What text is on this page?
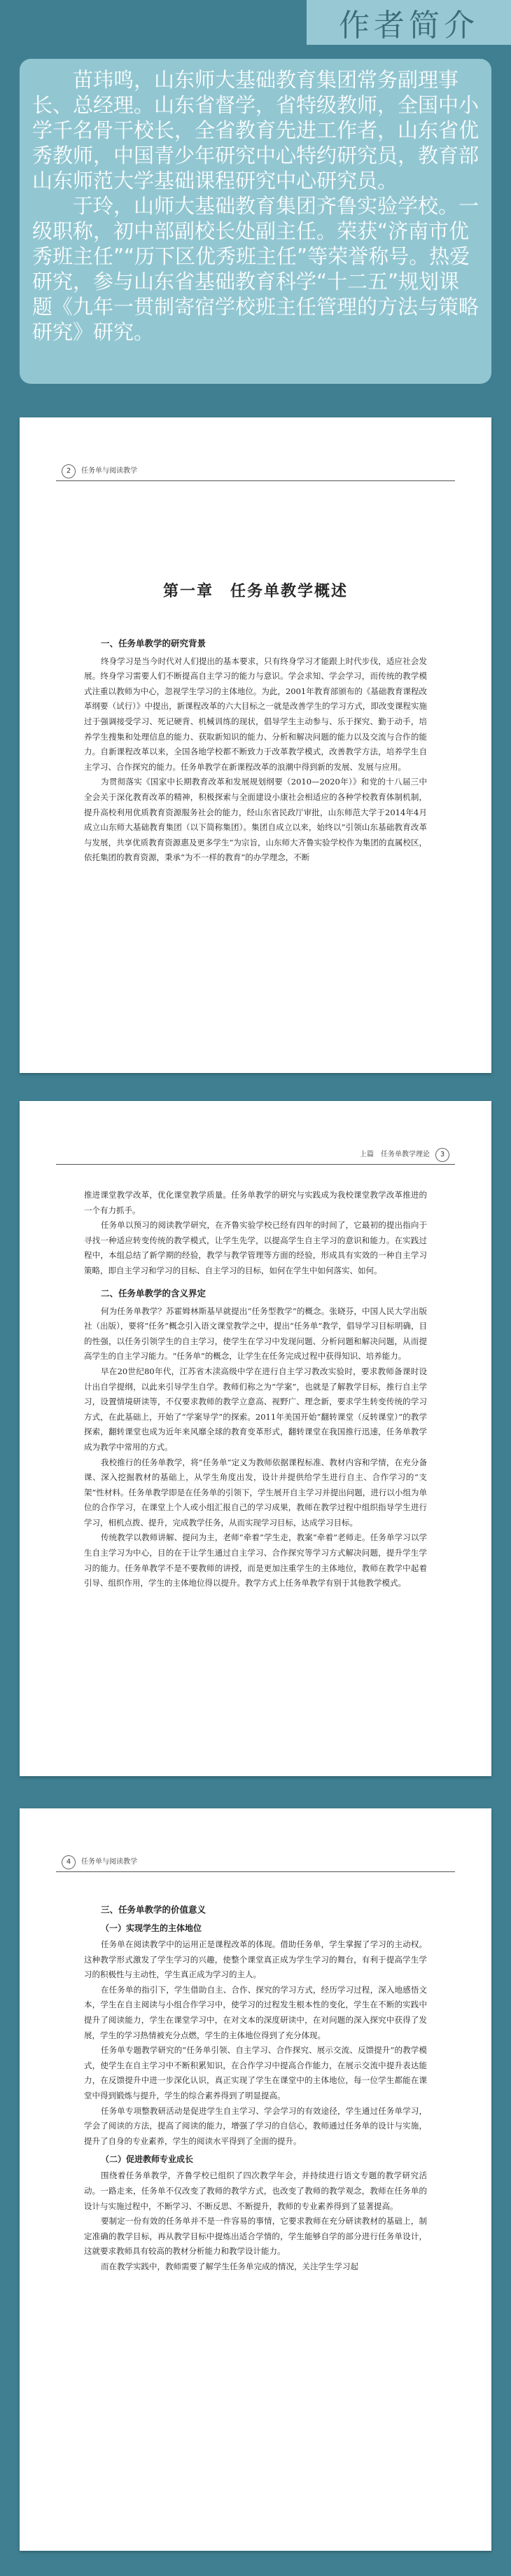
作者简介

苗玮鸣，山东师大基础教育集团常务副理事长、总经理。山东省督学，省特级教师，全国中小学千名骨干校长，全省教育先进工作者，山东省优秀教师，中国青少年研究中心特约研究员，教育部山东师范大学基础课程研究中心研究员。

于玲，山师大基础教育集团齐鲁实验学校。一级职称，初中部副校长处副主任。荣获“济南市优秀班主任”“历下区优秀班主任”等荣誉称号。热爱研究，参与山东省基础教育科学“十二五”规划课题《九年一贯制寄宿学校班主任管理的方法与策略研究》研究。

2	任务单与阅读教学
第一章　任务单教学概述
一、任务单教学的研究背景

终身学习是当今时代对人们提出的基本要求，只有终身学习才能跟上时代步伐，适应社会发展。终身学习需要人们不断提高自主学习的能力与意识。学会求知、学会学习，而传统的教学模式注重以教师为中心，忽视学生学习的主体地位。为此，2001年教育部颁布的《基础教育课程改革纲要（试行）》中提出，新课程改革的六大目标之一就是改善学生的学习方式，即改变课程实施过于强调接受学习、死记硬背、机械训练的现状，倡导学生主动参与、乐于探究、勤于动手，培养学生搜集和处理信息的能力、获取新知识的能力、分析和解决问题的能力以及交流与合作的能力。自新课程改革以来，全国各地学校都不断致力于改革教学模式，改善教学方法，培养学生自主学习、合作探究的能力。任务单教学在新课程改革的浪潮中得到新的发展、发展与应用。

为贯彻落实《国家中长期教育改革和发展规划纲要（2010—2020年）》和党的十八届三中全会关于深化教育改革的精神，积极探索与全面建设小康社会相适应的各种学校教育体制机制，提升高校利用优质教育资源服务社会的能力，经山东省民政厅审批，山东师范大学于2014年4月成立山东师大基础教育集团（以下简称集团）。集团自成立以来，始终以“引领山东基础教育改革与发展，共享优质教育资源惠及更多学生”为宗旨，山东师大齐鲁实验学校作为集团的直属校区，依托集团的教育资源，秉承“为不一样的教育”的办学理念，不断

上篇　任务单教学理论	3

推进课堂教学改革，优化课堂教学质量。任务单教学的研究与实践成为我校课堂教学改革推进的一个有力抓手。

任务单以预习的阅读教学研究，在齐鲁实验学校已经有四年的时间了，它最初的提出指向于寻找一种适应转变传统的教学模式，让学生先学，以提高学生自主学习的意识和能力。在实践过程中，本组总结了新学期的经验，教学与教学管理等方面的经验，形成具有实效的一种自主学习策略，即自主学习和学习的目标、自主学习的目标，如何在学生中如何落实、如何。

二、任务单教学的含义界定

何为任务单教学？苏霍姆林斯基早就提出“任务型教学”的概念。张晓芬，中国人民大学出版社（出版），要将“任务”概念引入语文课堂教学之中，提出“任务单”教学，倡导学习目标明确，目的性强，以任务引领学生的自主学习，使学生在学习中发现问题、分析问题和解决问题，从而提高学生的自主学习能力。“任务单”的概念，让学生在任务完成过程中获得知识、培养能力。

早在20世纪80年代，江苏省木渎高级中学在进行自主学习教改实验时，要求教师备课时设计出自学提纲，以此来引导学生自学。教师们称之为“学案”，也就是了解教学目标，推行自主学习，设置情境研读等，不仅要求教师的教学立意高、视野广、理念新，要求学生转变传统的学习方式，在此基础上，开始了“学案导学”的探索。2011年美国开始“翻转课堂（反转课堂）”的教学探索，翻转课堂也成为近年来风靡全球的教育变革形式，翻转课堂在我国推行迅速，任务单教学成为教学中常用的方式。

我校推行的任务单教学，将“任务单”定义为教师依据课程标准、教材内容和学情，在充分备课、深入挖掘教材的基础上，从学生角度出发，设计并提供给学生进行自主、合作学习的“支架”性材料。任务单教学即是在任务单的引领下，学生展开自主学习并提出问题，进行以小组为单位的合作学习，在课堂上个人或小组汇报自己的学习成果，教师在教学过程中组织指导学生进行学习，相机点拨、提升，完成教学任务，从而实现学习目标，达成学习目标。

传统教学以教师讲解、提问为主，老师“牵着”学生走，教案“牵着”老师走。任务单学习以学生自主学习为中心，目的在于让学生通过自主学习、合作探究等学习方式解决问题，提升学生学习的能力。任务单教学不是不要教师的讲授，而是更加注重学生的主体地位，教师在教学中起着引导、组织作用，学生的主体地位得以提升。教学方式上任务单教学有别于其他教学模式。

4	任务单与阅读教学
三、任务单教学的价值意义
（一）实现学生的主体地位

任务单在阅读教学中的运用正是课程改革的体现。借助任务单，学生掌握了学习的主动权。这种教学形式激发了学生学习的兴趣，使整个课堂真正成为学生学习的舞台，有利于提高学生学习的积极性与主动性，学生真正成为学习的主人。

在任务单的指引下，学生借助自主、合作、探究的学习方式，经历学习过程，深入地感悟文本，学生在自主阅读与小组合作学习中，使学习的过程发生根本性的变化，学生在不断的实践中提升了阅读能力，学生在课堂学习中，在对文本的深度研读中，在对问题的深入探究中获得了发展，学生的学习热情被充分点燃，学生的主体地位得到了充分体现。

任务单专题教学研究的“任务单引领、自主学习、合作探究、展示交流、反馈提升”的教学模式，使学生在自主学习中不断积累知识，在合作学习中提高合作能力，在展示交流中提升表达能力，在反馈提升中进一步深化认识，真正实现了学生在课堂中的主体地位，每一位学生都能在课堂中得到锻炼与提升，学生的综合素养得到了明显提高。

任务单专项整教研活动是促进学生自主学习、学会学习的有效途径，学生通过任务单学习，学会了阅读的方法，提高了阅读的能力，增强了学习的自信心，教师通过任务单的设计与实施，提升了自身的专业素养，学生的阅读水平得到了全面的提升。

（二）促进教师专业成长

围绕着任务单教学，齐鲁学校已组织了四次教学年会，并持续进行语文专题的教学研究活动。一路走来，任务单不仅改变了教师的教学方式，也改变了教师的教学观念，教师在任务单的设计与实施过程中，不断学习、不断反思、不断提升，教师的专业素养得到了显著提高。

要制定一份有效的任务单并不是一件容易的事情，它要求教师在充分研读教材的基础上，制定准确的教学目标，再从教学目标中提炼出适合学情的，学生能够自学的部分进行任务单设计，这就要求教师具有较高的教材分析能力和教学设计能力。

而在教学实践中，教师需要了解学生任务单完成的情况，关注学生学习起
